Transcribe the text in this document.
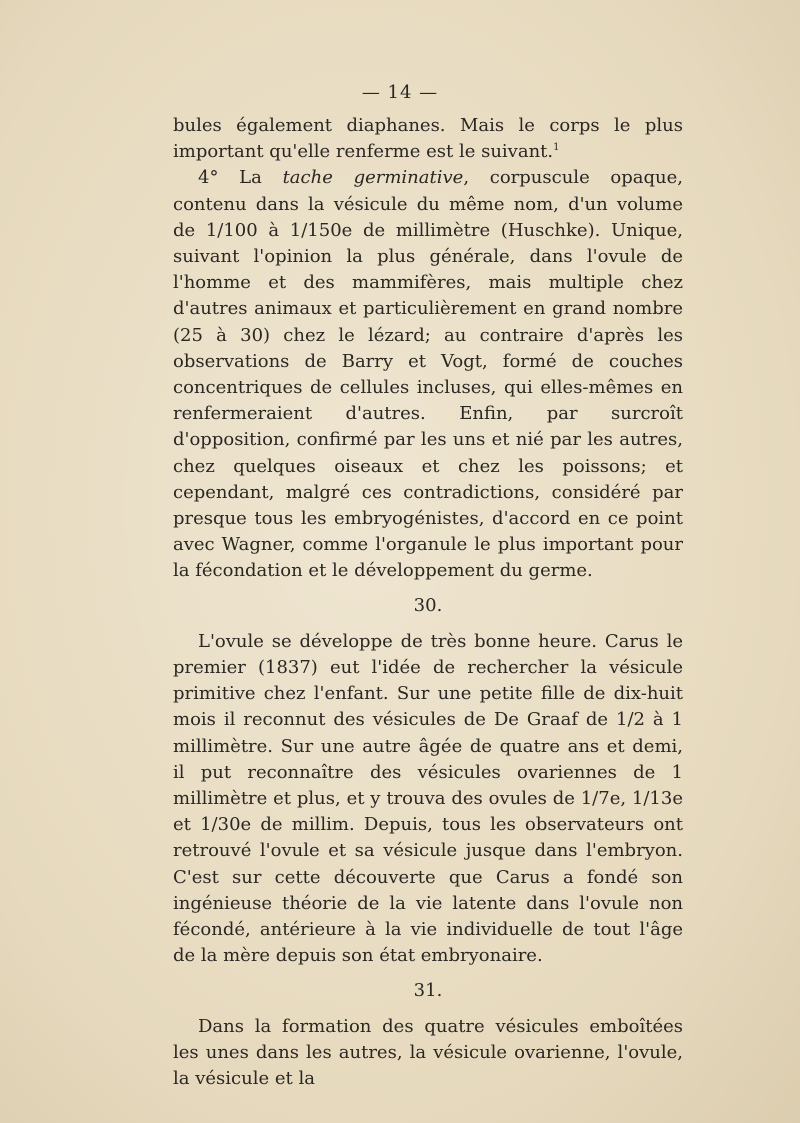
— 14 —

bules également diaphanes. Mais le corps le plus important qu'elle renferme est le suivant.$^1$

4° La tache germinative, corpuscule opaque, contenu dans la vésicule du même nom, d'un volume de 1/100 à 1/150e de millimètre (Huschke). Unique, suivant l'opinion la plus générale, dans l'ovule de l'homme et des mammifères, mais multiple chez d'autres animaux et particulièrement en grand nombre (25 à 30) chez le lézard; au contraire d'après les observations de Barry et Vogt, formé de couches concentriques de cellules incluses, qui elles-mêmes en renfermeraient d'autres. Enfin, par surcroît d'opposition, confirmé par les uns et nié par les autres, chez quelques oiseaux et chez les poissons; et cependant, malgré ces contradictions, considéré par presque tous les embryogénistes, d'accord en ce point avec Wagner, comme l'organule le plus important pour la fécondation et le développement du germe.

30.

L'ovule se développe de très bonne heure. Carus le premier (1837) eut l'idée de rechercher la vésicule primitive chez l'enfant. Sur une petite fille de dix-huit mois il reconnut des vésicules de De Graaf de 1/2 à 1 millimètre. Sur une autre âgée de quatre ans et demi, il put reconnaître des vésicules ovariennes de 1 millimètre et plus, et y trouva des ovules de 1/7e, 1/13e et 1/30e de millim. Depuis, tous les observateurs ont retrouvé l'ovule et sa vésicule jusque dans l'embryon. C'est sur cette découverte que Carus a fondé son ingénieuse théorie de la vie latente dans l'ovule non fécondé, antérieure à la vie individuelle de tout l'âge de la mère depuis son état embryonaire.

31.

Dans la formation des quatre vésicules emboîtées les unes dans les autres, la vésicule ovarienne, l'ovule, la vésicule et la
